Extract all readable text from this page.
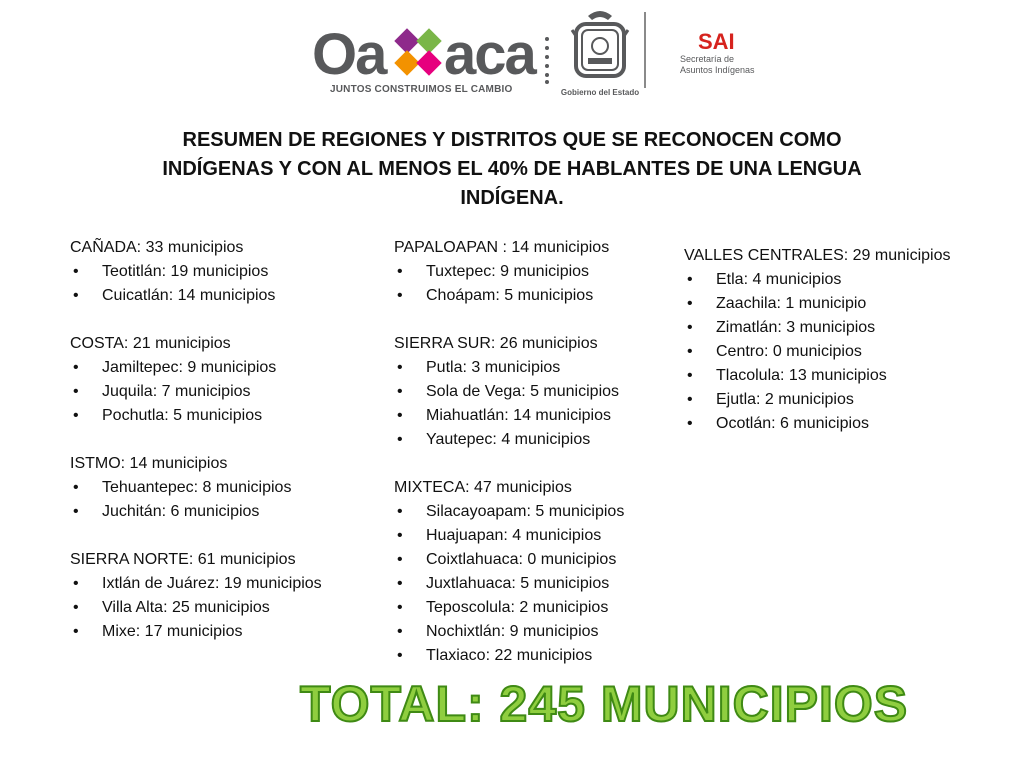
Oa aca
JUNTOS CONSTRUIMOS EL CAMBIO	Gobierno del Estado
SAI
Secretaría de
Asuntos Indígenas
RESUMEN DE REGIONES Y DISTRITOS QUE SE RECONOCEN COMO INDÍGENAS Y CON AL MENOS EL 40% DE HABLANTES DE UNA LENGUA INDÍGENA.
CAÑADA: 33 municipios
• Teotitlán: 19 municipios
• Cuicatlán: 14 municipios
COSTA: 21 municipios
• Jamiltepec: 9 municipios
• Juquila: 7 municipios
• Pochutla: 5 municipios
ISTMO: 14 municipios
• Tehuantepec: 8 municipios
• Juchitán: 6 municipios
SIERRA NORTE: 61 municipios
• Ixtlán de Juárez: 19 municipios
• Villa Alta: 25 municipios
• Mixe: 17 municipios
PAPALOAPAN : 14 municipios
• Tuxtepec: 9 municipios
• Choápam: 5 municipios
SIERRA SUR: 26 municipios
• Putla: 3 municipios
• Sola de Vega: 5 municipios
• Miahuatlán: 14 municipios
• Yautepec: 4 municipios
MIXTECA: 47 municipios
• Silacayoapam: 5 municipios
• Huajuapan: 4 municipios
• Coixtlahuaca: 0 municipios
• Juxtlahuaca: 5 municipios
• Teposcolula: 2 municipios
• Nochixtlán: 9 municipios
• Tlaxiaco: 22 municipios
VALLES CENTRALES: 29 municipios
• Etla: 4 municipios
• Zaachila: 1 municipio
• Zimatlán: 3 municipios
• Centro: 0 municipios
• Tlacolula: 13 municipios
• Ejutla: 2 municipios
• Ocotlán: 6 municipios
TOTAL: 245 MUNICIPIOS
